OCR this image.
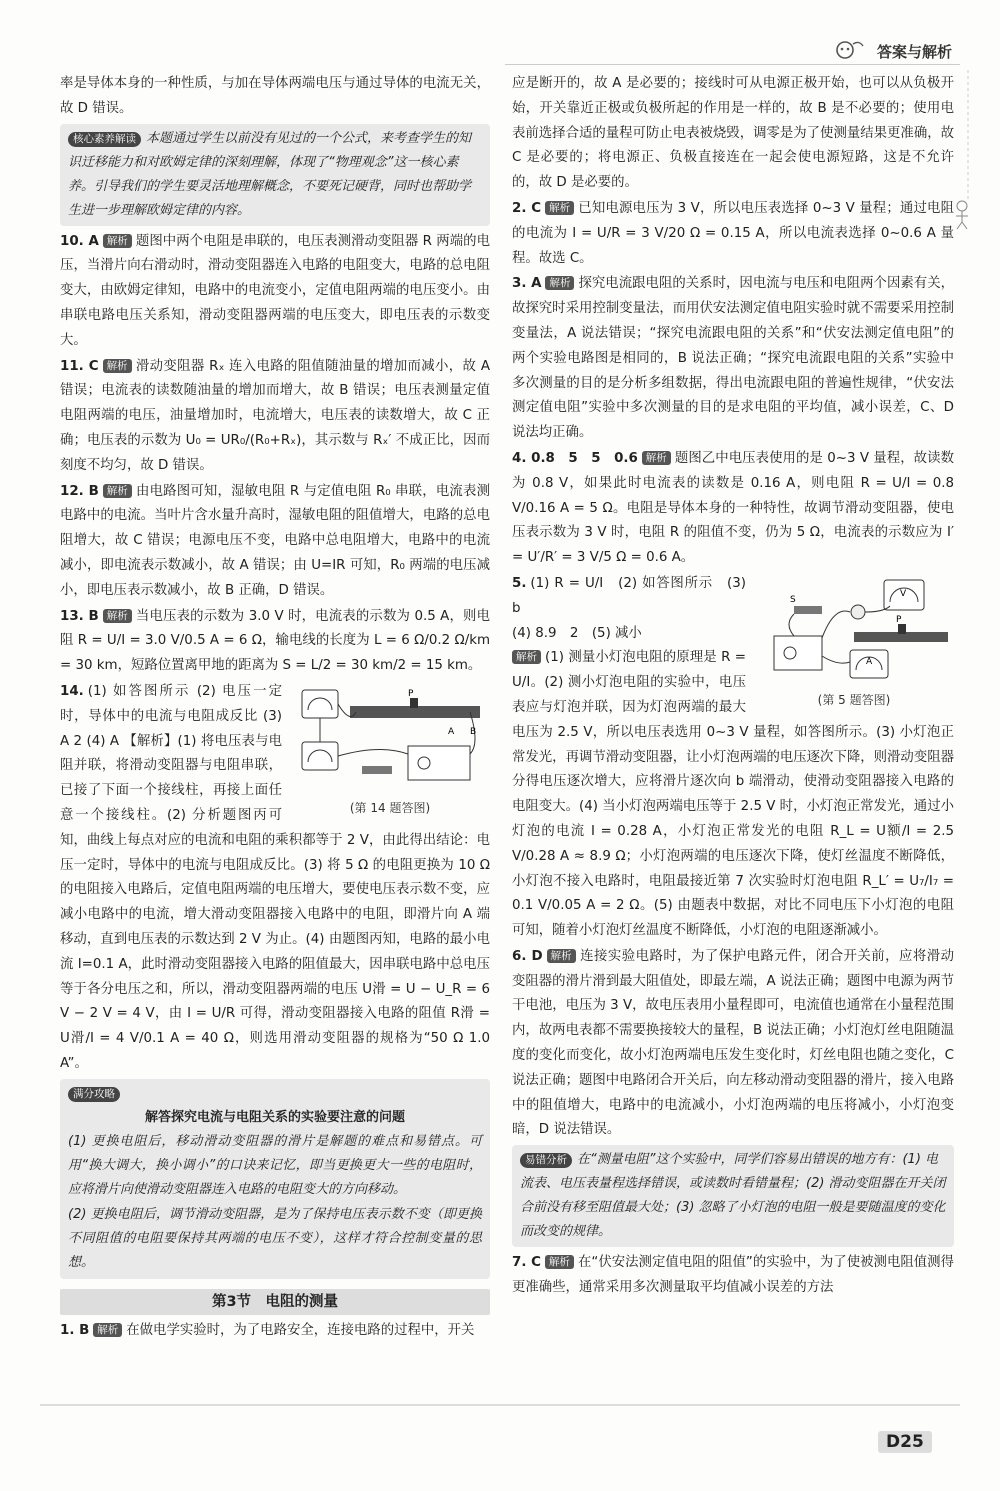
答案与解析

率是导体本身的一种性质，与加在导体两端电压与通过导体的电流无关，故 D 错误。

核心素养解读 本题通过学生以前没有见过的一个公式，来考查学生的知识迁移能力和对欧姆定律的深刻理解，体现了“物理观念”这一核心素养。引导我们的学生要灵活地理解概念，不要死记硬背，同时也帮助学生进一步理解欧姆定律的内容。

10. A 解析 题图中两个电阻是串联的，电压表测滑动变阻器 R 两端的电压，当滑片向右滑动时，滑动变阻器连入电路的电阻变大，电路的总电阻变大，由欧姆定律知，电路中的电流变小，定值电阻两端的电压变小。由串联电路电压关系知，滑动变阻器两端的电压变大，即电压表的示数变大。

11. C 解析 滑动变阻器 Rₓ 连入电路的阻值随油量的增加而减小，故 A 错误；电流表的读数随油量的增加而增大，故 B 错误；电压表测量定值电阻两端的电压，油量增加时，电流增大，电压表的读数增大，故 C 正确；电压表的示数为 U₀ = UR₀/(R₀+Rₓ)，其示数与 Rₓ′ 不成正比，因而刻度不均匀，故 D 错误。

12. B 解析 由电路图可知，湿敏电阻 R 与定值电阻 R₀ 串联，电流表测电路中的电流。当叶片含水量升高时，湿敏电阻的阻值增大，电路的总电阻增大，故 C 错误；电源电压不变，电路中总电阻增大，电路中的电流减小，即电流表示数减小，故 A 错误；由 U=IR 可知，R₀ 两端的电压减小，即电压表示数减小，故 B 正确，D 错误。

13. B 解析 当电压表的示数为 3.0 V 时，电流表的示数为 0.5 A，则电阻 R = U/I = 3.0 V/0.5 A = 6 Ω，输电线的长度为 L = 6 Ω/0.2 Ω/km = 30 km，短路位置离甲地的距离为 S = L/2 = 30 km/2 = 15 km。

P
A B
(第 14 题答图)
14. (1) 如答图所示 (2) 电压一定时，导体中的电流与电阻成反比 (3) A 2 (4) A 【解析】(1) 将电压表与电阻并联，将滑动变阻器与电阻串联，已接了下面一个接线柱，再接上面任意一个接线柱。(2) 分析题图丙可知，曲线上每点对应的电流和电阻的乘积都等于 2 V，由此得出结论：电压一定时，导体中的电流与电阻成反比。(3) 将 5 Ω 的电阻更换为 10 Ω 的电阻接入电路后，定值电阻两端的电压增大，要使电压表示数不变，应减小电路中的电流，增大滑动变阻器接入电路中的电阻，即滑片向 A 端移动，直到电压表的示数达到 2 V 为止。(4) 由题图丙知，电路的最小电流 I=0.1 A，此时滑动变阻器接入电路的阻值最大，因串联电路中总电压等于各分电压之和，所以，滑动变阻器两端的电压 U滑 = U − U_R = 6 V − 2 V = 4 V，由 I = U/R 可得，滑动变阻器接入电路的阻值 R滑 = U滑/I = 4 V/0.1 A = 40 Ω，则选用滑动变阻器的规格为“50 Ω 1.0 A”。
满分攻略

解答探究电流与电阻关系的实验要注意的问题

(1) 更换电阻后，移动滑动变阻器的滑片是解题的难点和易错点。可用“换大调大，换小调小”的口诀来记忆，即当更换更大一些的电阻时，应将滑片向使滑动变阻器连入电路的电阻变大的方向移动。

(2) 更换电阻后，调节滑动变阻器，是为了保持电压表示数不变（即更换不同阻值的电阻要保持其两端的电压不变），这样才符合控制变量的思想。

第3节　电阻的测量

1. B 解析 在做电学实验时，为了电路安全，连接电路的过程中，开关

应是断开的，故 A 是必要的；接线时可从电源正极开始，也可以从负极开始，开关靠近正极或负极所起的作用是一样的，故 B 是不必要的；使用电表前选择合适的量程可防止电表被烧毁，调零是为了使测量结果更准确，故 C 是必要的；将电源正、负极直接连在一起会使电源短路，这是不允许的，故 D 是必要的。

2. C 解析 已知电源电压为 3 V，所以电压表选择 0~3 V 量程；通过电阻的电流为 I = U/R = 3 V/20 Ω = 0.15 A，所以电流表选择 0~0.6 A 量程。故选 C。

3. A 解析 探究电流跟电阻的关系时，因电流与电压和电阻两个因素有关，故探究时采用控制变量法，而用伏安法测定值电阻实验时就不需要采用控制变量法，A 说法错误；“探究电流跟电阻的关系”和“伏安法测定值电阻”的两个实验电路图是相同的，B 说法正确；“探究电流跟电阻的关系”实验中多次测量的目的是分析多组数据，得出电流跟电阻的普遍性规律，“伏安法测定值电阻”实验中多次测量的目的是求电阻的平均值，减小误差，C、D 说法均正确。

4. 0.8　5　5　0.6 解析 题图乙中电压表使用的是 0~3 V 量程，故读数为 0.8 V，如果此时电流表的读数是 0.16 A，则电阻 R = U/I = 0.8 V/0.16 A = 5 Ω。电阻是导体本身的一种特性，故调节滑动变阻器，使电压表示数为 3 V 时，电阻 R 的阻值不变，仍为 5 Ω，电流表的示数应为 I′ = U′/R′ = 3 V/5 Ω = 0.6 A。

V
A
P
S
(第 5 题答图)
5. (1) R = U/I　(2) 如答图所示　(3) b
(4) 8.9　2　(5) 减小
解析 (1) 测量小灯泡电阻的原理是 R = U/I。(2) 测小灯泡电阻的实验中，电压表应与灯泡并联，因为灯泡两端的最大电压为 2.5 V，所以电压表选用 0~3 V 量程，如答图所示。(3) 小灯泡正常发光，再调节滑动变阻器，让小灯泡两端的电压逐次下降，则滑动变阻器分得电压逐次增大，应将滑片逐次向 b 端滑动，使滑动变阻器接入电路的电阻变大。(4) 当小灯泡两端电压等于 2.5 V 时，小灯泡正常发光，通过小灯泡的电流 I = 0.28 A，小灯泡正常发光的电阻 R_L = U额/I = 2.5 V/0.28 A ≈ 8.9 Ω；小灯泡两端的电压逐次下降，使灯丝温度不断降低，小灯泡不接入电路时，电阻最接近第 7 次实验时灯泡电阻 R_L′ = U₇/I₇ = 0.1 V/0.05 A = 2 Ω。(5) 由题表中数据，对比不同电压下小灯泡的电阻可知，随着小灯泡灯丝温度不断降低，小灯泡的电阻逐渐减小。

6. D 解析 连接实验电路时，为了保护电路元件，闭合开关前，应将滑动变阻器的滑片滑到最大阻值处，即最左端，A 说法正确；题图中电源为两节干电池，电压为 3 V，故电压表用小量程即可，电流值也通常在小量程范围内，故两电表都不需要换接较大的量程，B 说法正确；小灯泡灯丝电阻随温度的变化而变化，故小灯泡两端电压发生变化时，灯丝电阻也随之变化，C 说法正确；题图中电路闭合开关后，向左移动滑动变阻器的滑片，接入电路中的阻值增大，电路中的电流减小，小灯泡两端的电压将减小，小灯泡变暗，D 说法错误。

易错分析 在“测量电阻”这个实验中，同学们容易出错误的地方有：(1) 电流表、电压表量程选择错误，或读数时看错量程；(2) 滑动变阻器在开关闭合前没有移至阻值最大处；(3) 忽略了小灯泡的电阻一般是要随温度的变化而改变的规律。

7. C 解析 在“伏安法测定值电阻的阻值”的实验中，为了使被测电阻值测得更准确些，通常采用多次测量取平均值减小误差的方法

D25
